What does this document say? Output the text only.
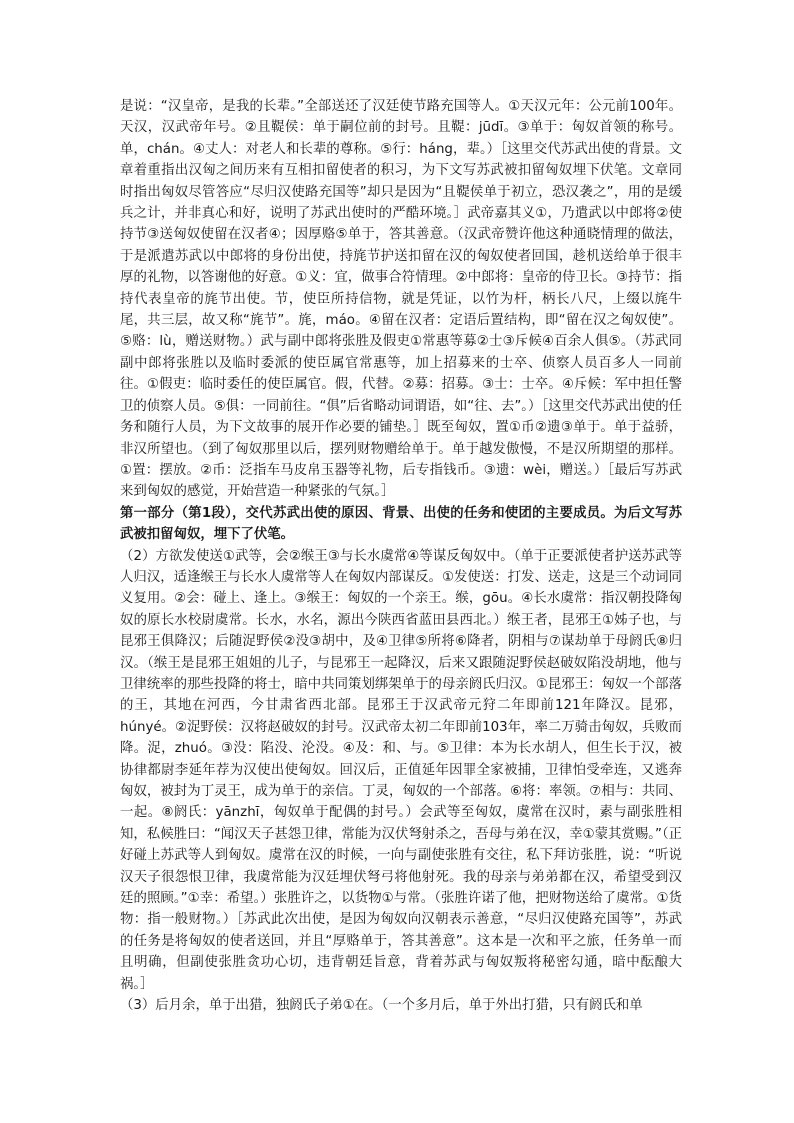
是说：“汉皇帝，是我的长辈。”全部送还了汉廷使节路充国等人。①天汉元年：公元前100年。天汉，汉武帝年号。②且鞮侯：单于嗣位前的封号。且鞮：jūdī。③单于：匈奴首领的称号。单，chán。④丈人：对老人和长辈的尊称。⑤行：háng，辈。）［这里交代苏武出使的背景。文章着重指出汉匈之间历来有互相扣留使者的积习，为下文写苏武被扣留匈奴埋下伏笔。文章同时指出匈奴尽管答应“尽归汉使路充国等”却只是因为“且鞮侯单于初立，恐汉袭之”，用的是缓兵之计，并非真心和好，说明了苏武出使时的严酷环境。］武帝嘉其义①，乃遣武以中郎将②使持节③送匈奴使留在汉者④；因厚赂⑤单于，答其善意。（汉武帝赞许他这种通晓情理的做法，于是派遣苏武以中郎将的身份出使，持旄节护送扣留在汉的匈奴使者回国，趁机送给单于很丰厚的礼物，以答谢他的好意。①义：宜，做事合符情理。②中郎将：皇帝的侍卫长。③持节：指持代表皇帝的旄节出使。节，使臣所持信物，就是凭证，以竹为杆，柄长八尺，上缀以旄牛尾，共三层，故又称“旄节”。旄，máo。④留在汉者：定语后置结构，即“留在汉之匈奴使”。⑤赂：lù，赠送财物。）武与副中郎将张胜及假吏①常惠等募②士③斥候④百余人俱⑤。（苏武同副中郎将张胜以及临时委派的使臣属官常惠等，加上招募来的士卒、侦察人员百多人一同前往。①假吏：临时委任的使臣属官。假，代替。②募：招募。③士：士卒。④斥候：军中担任警卫的侦察人员。⑤俱：一同前往。“俱”后省略动词谓语，如“往、去”。）［这里交代苏武出使的任务和随行人员，为下文故事的展开作必要的铺垫。］既至匈奴，置①币②遗③单于。单于益骄，非汉所望也。（到了匈奴那里以后，摆列财物赠给单于。单于越发傲慢，不是汉所期望的那样。①置：摆放。②币：泛指车马皮帛玉器等礼物，后专指钱币。③遗：wèi，赠送。）［最后写苏武来到匈奴的感觉，开始营造一种紧张的气氛。］

第一部分（第1段），交代苏武出使的原因、背景、出使的任务和使团的主要成员。为后文写苏武被扣留匈奴，埋下了伏笔。

（2）方欲发使送①武等，会②缑王③与长水虞常④等谋反匈奴中。（单于正要派使者护送苏武等人归汉，适逢缑王与长水人虞常等人在匈奴内部谋反。①发使送：打发、送走，这是三个动词同义复用。②会：碰上、逢上。③缑王：匈奴的一个亲王。缑，gōu。④长水虞常：指汉朝投降匈奴的原长水校尉虞常。长水，水名，源出今陕西省蓝田县西北。）缑王者，昆邪王①姊子也，与昆邪王俱降汉；后随浞野侯②没③胡中，及④卫律⑤所将⑥降者，阴相与⑦谋劫单于母阏氏⑧归汉。（缑王是昆邪王姐姐的儿子，与昆邪王一起降汉，后来又跟随浞野侯赵破奴陷没胡地，他与卫律统率的那些投降的将士，暗中共同策划绑架单于的母亲阏氏归汉。①昆邪王：匈奴一个部落的王，其地在河西，今甘肃省西北部。昆邪王于汉武帝元狩二年即前121年降汉。昆邪，húnyé。②浞野侯：汉将赵破奴的封号。汉武帝太初二年即前103年，率二万骑击匈奴，兵败而降。浞，zhuó。③没：陷没、沦没。④及：和、与。⑤卫律：本为长水胡人，但生长于汉，被协律都尉李延年荐为汉使出使匈奴。回汉后，正值延年因罪全家被捕，卫律怕受牵连，又逃奔匈奴，被封为丁灵王，成为单于的亲信。丁灵，匈奴的一个部落。⑥将：率领。⑦相与：共同、一起。⑧阏氏：yānzhī，匈奴单于配偶的封号。）会武等至匈奴，虞常在汉时，素与副张胜相知，私候胜曰：“闻汉天子甚怨卫律，常能为汉伏弩射杀之，吾母与弟在汉，幸①蒙其赏赐。”（正好碰上苏武等人到匈奴。虞常在汉的时候，一向与副使张胜有交往，私下拜访张胜，说：“听说汉天子很怨恨卫律，我虞常能为汉廷埋伏弩弓将他射死。我的母亲与弟弟都在汉，希望受到汉廷的照顾。”①幸：希望。）张胜许之，以货物①与常。（张胜许诺了他，把财物送给了虞常。①货物：指一般财物。）［苏武此次出使，是因为匈奴向汉朝表示善意，“尽归汉使路充国等”，苏武的任务是将匈奴的使者送回，并且“厚赂单于，答其善意”。这本是一次和平之旅，任务单一而且明确，但副使张胜贪功心切，违背朝廷旨意，背着苏武与匈奴叛将秘密勾通，暗中酝酿大祸。］

（3）后月余，单于出猎，独阏氏子弟①在。（一个多月后，单于外出打猎，只有阏氏和单
